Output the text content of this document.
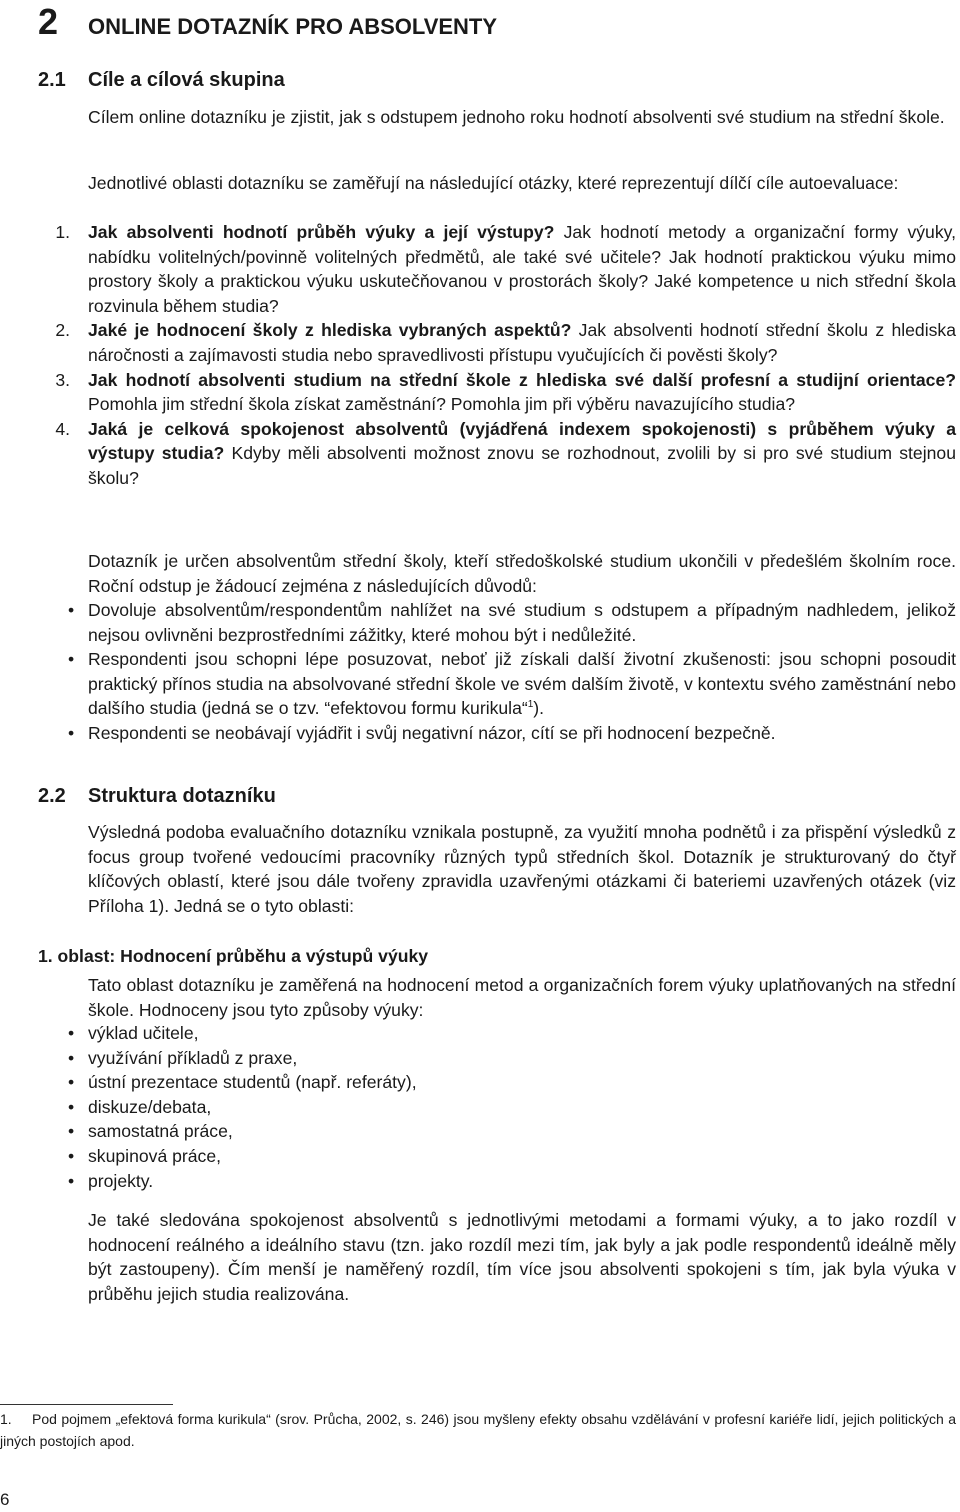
2	ONLINE DOTAZNÍK PRO ABSOLVENTY
2.1 Cíle a cílová skupina

Cílem online dotazníku je zjistit, jak s odstupem jednoho roku hodnotí absolventi své studium na střední škole.

Jednotlivé oblasti dotazníku se zaměřují na následující otázky, které reprezentují dílčí cíle autoevaluace:

1. Jak absolventi hodnotí průběh výuky a její výstupy? Jak hodnotí metody a organizační formy výuky, nabídku volitelných/povinně volitelných předmětů, ale také své učitele? Jak hodnotí praktickou výuku mimo prostory školy a praktickou výuku uskutečňovanou v prostorách školy? Jaké kompetence u nich střední škola rozvinula během studia?
2. Jaké je hodnocení školy z hlediska vybraných aspektů? Jak absolventi hodnotí střední školu z hlediska náročnosti a zajímavosti studia nebo spravedlivosti přístupu vyučujících či pověsti školy?
3. Jak hodnotí absolventi studium na střední škole z hlediska své další profesní a studijní orientace? Pomohla jim střední škola získat zaměstnání? Pomohla jim při výběru navazujícího studia?
4. Jaká je celková spokojenost absolventů (vyjádřená indexem spokojenosti) s průběhem výuky a výstupy studia? Kdyby měli absolventi možnost znovu se rozhodnout, zvolili by si pro své studium stejnou školu?

Dotazník je určen absolventům střední školy, kteří středoškolské studium ukončili v předešlém školním roce. Roční odstup je žádoucí zejména z následujících důvodů:

• Dovoluje absolventům/respondentům nahlížet na své studium s odstupem a případným nadhledem, jelikož nejsou ovlivněni bezprostředními zážitky, které mohou být i nedůležité.
• Respondenti jsou schopni lépe posuzovat, neboť již získali další životní zkušenosti: jsou schopni posoudit praktický přínos studia na absolvované střední škole ve svém dalším životě, v kontextu svého zaměstnání nebo dalšího studia (jedná se o tzv. “efektovou formu kurikula“$^1$).
• Respondenti se neobávají vyjádřit i svůj negativní názor, cítí se při hodnocení bezpečně.
2.2 Struktura dotazníku

Výsledná podoba evaluačního dotazníku vznikala postupně, za využití mnoha podnětů i za přispění výsledků z focus group tvořené vedoucími pracovníky různých typů středních škol. Dotazník je strukturovaný do čtyř klíčových oblastí, které jsou dále tvořeny zpravidla uzavřenými otázkami či bateriemi uzavřených otázek (viz Příloha 1). Jedná se o tyto oblasti:

1. oblast: Hodnocení průběhu a výstupů výuky

Tato oblast dotazníku je zaměřená na hodnocení metod a organizačních forem výuky uplatňovaných na střední škole. Hodnoceny jsou tyto způsoby výuky:

• výklad učitele,
• využívání příkladů z praxe,
• ústní prezentace studentů (např. referáty),
• diskuze/debata,
• samostatná práce,
• skupinová práce,
• projekty.

Je také sledována spokojenost absolventů s jednotlivými metodami a formami výuky, a to jako rozdíl v hodnocení reálného a ideálního stavu (tzn. jako rozdíl mezi tím, jak byly a jak podle respondentů ideálně měly být zastoupeny). Čím menší je naměřený rozdíl, tím více jsou absolventi spokojeni s tím, jak byla výuka v průběhu jejich studia realizována.

1. Pod pojmem „efektová forma kurikula“ (srov. Průcha, 2002, s. 246) jsou myšleny efekty obsahu vzdělávání v profesní kariéře lidí, jejich politických a jiných postojích apod.
6
